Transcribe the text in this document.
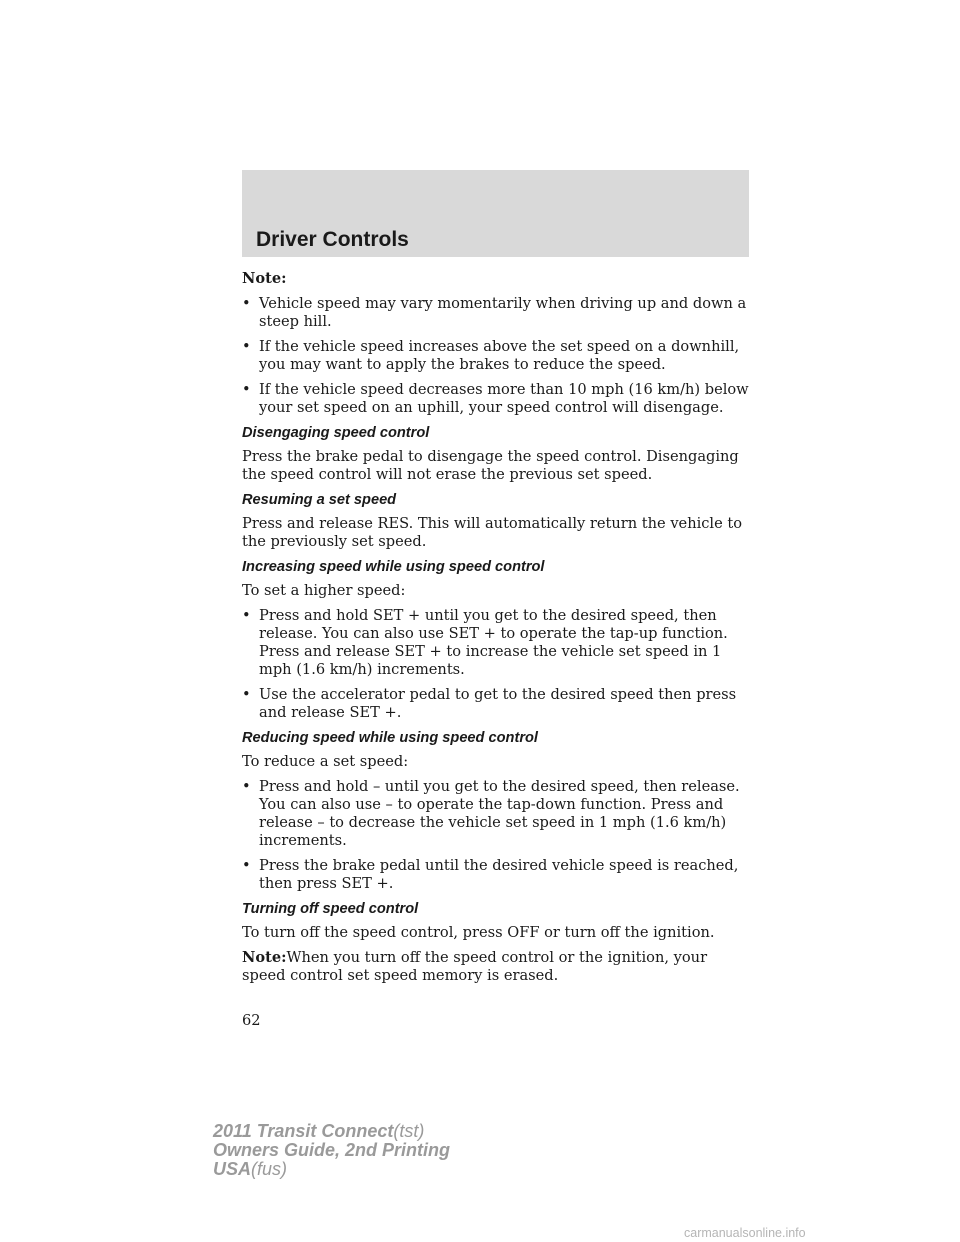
Driver Controls

Note:

• Vehicle speed may vary momentarily when driving up and down a steep hill.
• If the vehicle speed increases above the set speed on a downhill, you may want to apply the brakes to reduce the speed.
• If the vehicle speed decreases more than 10 mph (16 km/h) below your set speed on an uphill, your speed control will disengage.
Disengaging speed control

Press the brake pedal to disengage the speed control. Disengaging the speed control will not erase the previous set speed.

Resuming a set speed

Press and release RES. This will automatically return the vehicle to the previously set speed.

Increasing speed while using speed control

To set a higher speed:

• Press and hold SET + until you get to the desired speed, then release. You can also use SET + to operate the tap-up function. Press and release SET + to increase the vehicle set speed in 1 mph (1.6 km/h) increments.
• Use the accelerator pedal to get to the desired speed then press and release SET +.
Reducing speed while using speed control

To reduce a set speed:

• Press and hold – until you get to the desired speed, then release. You can also use – to operate the tap-down function. Press and release – to decrease the vehicle set speed in 1 mph (1.6 km/h) increments.
• Press the brake pedal until the desired vehicle speed is reached, then press SET +.
Turning off speed control

To turn off the speed control, press OFF or turn off the ignition.

Note:When you turn off the speed control or the ignition, your speed control set speed memory is erased.

62
2011 Transit Connect(tst)
Owners Guide, 2nd Printing
USA(fus)
carmanualsonline.info
